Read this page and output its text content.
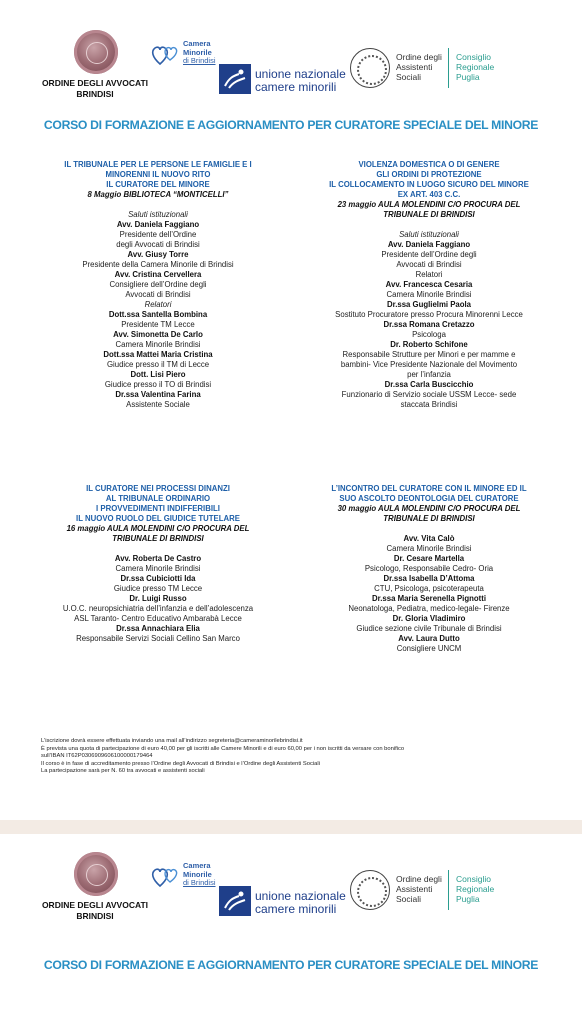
ORDINE DEGLI AVVOCATI
BRINDISI
Camera
Minorile
di Brindisi
unione nazionale
camere minorili
Ordine degli
Assistenti
Sociali
Consiglio
Regionale
Puglia
CORSO DI FORMAZIONE E AGGIORNAMENTO PER CURATORE SPECIALE DEL MINORE
IL TRIBUNALE PER LE PERSONE LE FAMIGLIE E I
MINORENNI IL NUOVO RITO
IL CURATORE DEL MINORE
8 Maggio BIBLIOTECA “MONTICELLI”
Saluti istituzionali
Avv. Daniela Faggiano
Presidente dell’Ordine
degli Avvocati di Brindisi
Avv. Giusy Torre
Presidente della Camera Minorile di Brindisi
Avv. Cristina Cervellera
Consigliere dell’Ordine degli
Avvocati di Brindisi
Relatori
Dott.ssa Santella Bombina
Presidente TM Lecce
Avv. Simonetta De Carlo
Camera Minorile Brindisi
Dott.ssa Mattei Maria Cristina
Giudice presso il TM di Lecce
Dott. Lisi Piero
Giudice presso il TO di Brindisi
Dr.ssa Valentina Farina
Assistente Sociale
VIOLENZA DOMESTICA O DI GENERE
GLI ORDINI DI PROTEZIONE
IL COLLOCAMENTO IN LUOGO SICURO DEL MINORE
EX ART. 403 C.C.
23 maggio AULA MOLENDINI C/O PROCURA DEL
TRIBUNALE DI BRINDISI
Saluti istituzionali
Avv. Daniela Faggiano
Presidente dell’Ordine degli
Avvocati di Brindisi
Relatori
Avv. Francesca Cesaria
Camera Minorile Brindisi
Dr.ssa Guglielmi Paola
Sostituto Procuratore presso Procura Minorenni Lecce
Dr.ssa Romana Cretazzo
Psicologa
Dr. Roberto Schifone
Responsabile Strutture per Minori e per mamme e
bambini- Vice Presidente Nazionale del Movimento
per l’infanzia
Dr.ssa Carla Buscicchio
Funzionario di Servizio sociale USSM Lecce- sede
staccata Brindisi
IL CURATORE NEI PROCESSI DINANZI
AL TRIBUNALE ORDINARIO
I PROVVEDIMENTI INDIFFERIBILI
IL NUOVO RUOLO DEL GIUDICE TUTELARE
16 maggio AULA MOLENDINI C/O PROCURA DEL
TRIBUNALE DI BRINDISI
Avv. Roberta De Castro
Camera Minorile Brindisi
Dr.ssa Cubiciotti Ida
Giudice presso TM Lecce
Dr. Luigi Russo
U.O.C. neuropsichiatria dell’infanzia e dell’adolescenza
ASL Taranto- Centro Educativo Ambarabà Lecce
Dr.ssa Annachiara Elia
Responsabile Servizi Sociali Cellino San Marco
L’INCONTRO DEL CURATORE CON IL MINORE ED IL
SUO ASCOLTO DEONTOLOGIA DEL CURATORE
30 maggio AULA MOLENDINI C/O PROCURA DEL
TRIBUNALE DI BRINDISI
Avv. Vita Calò
Camera Minorile Brindisi
Dr. Cesare Martella
Psicologo, Responsabile Cedro- Oria
Dr.ssa Isabella D’Attoma
CTU, Psicologa, psicoterapeuta
Dr.ssa Maria Serenella Pignotti
Neonatologa, Pediatra, medico-legale- Firenze
Dr. Gloria Vladimiro
Giudice sezione civile Tribunale di Brindisi
Avv. Laura Dutto
Consigliere UNCM
L’iscrizione dovrà essere effettuata inviando una mail all’indirizzo segreteria@cameraminorilebrindisi.it
È prevista una quota di partecipazione di euro 40,00 per gli iscritti alle Camere Minorili e di euro 60,00 per i non iscritti da versare con bonifico
sull’IBAN IT62P0306909606100000179464
Il corso è in fase di accreditamento presso l’Ordine degli Avvocati di Brindisi e l’Ordine degli Assistenti Sociali
La partecipazione sarà per N. 60 tra avvocati e assistenti sociali
ORDINE DEGLI AVVOCATI
BRINDISI
Camera
Minorile
di Brindisi
unione nazionale
camere minorili
Ordine degli
Assistenti
Sociali
Consiglio
Regionale
Puglia
CORSO DI FORMAZIONE E AGGIORNAMENTO PER CURATORE SPECIALE DEL MINORE
